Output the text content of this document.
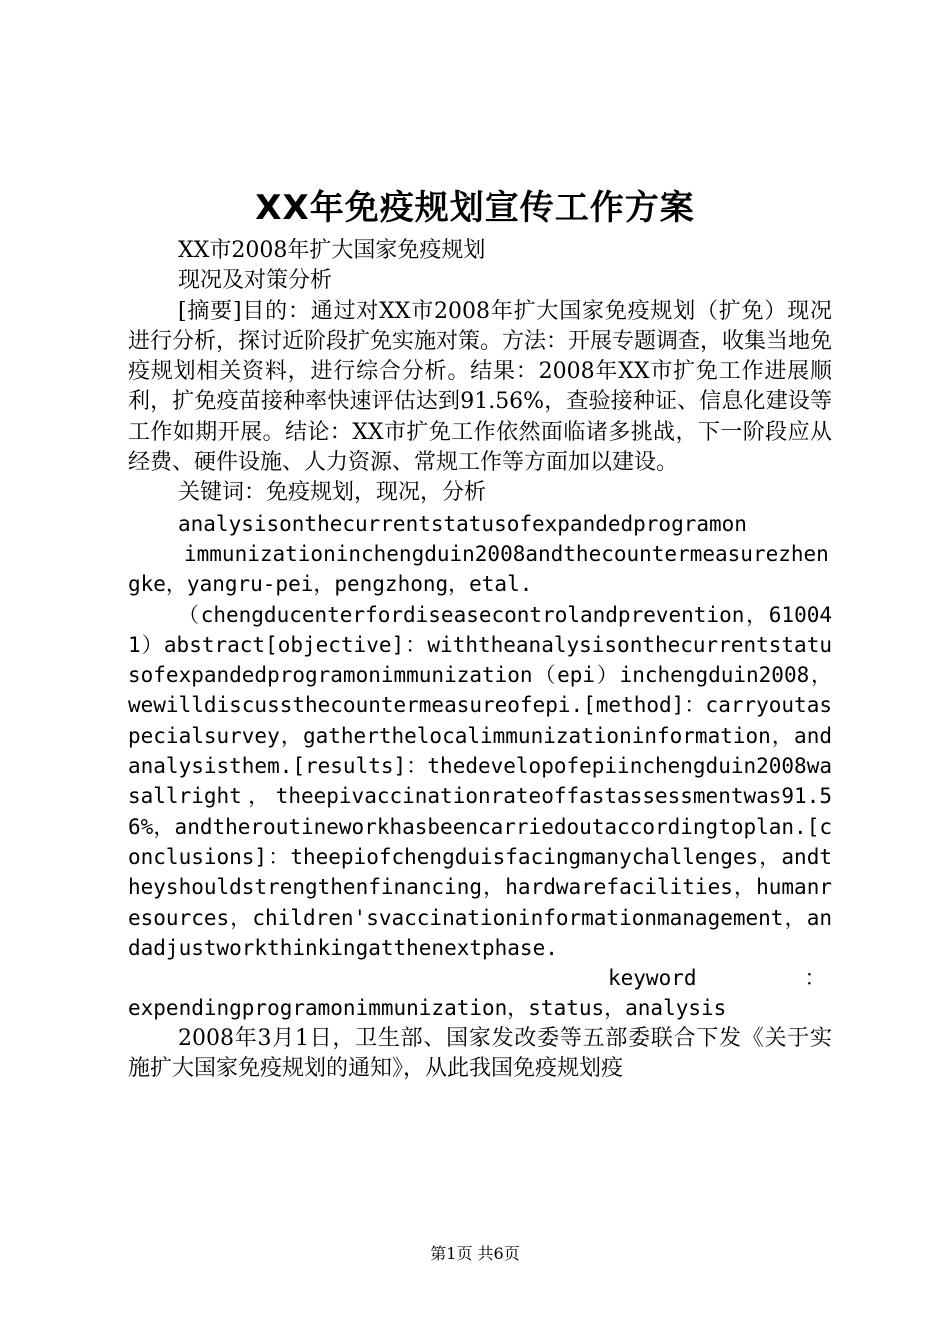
XX年免疫规划宣传工作方案

XX市2008年扩大国家免疫规划

现况及对策分析

[摘要]目的：通过对XX市2008年扩大国家免疫规划（扩免）现况进行分析，探讨近阶段扩免实施对策。方法：开展专题调查，收集当地免疫规划相关资料，进行综合分析。结果：2008年XX市扩免工作进展顺利，扩免疫苗接种率快速评估达到91.56%，查验接种证、信息化建设等工作如期开展。结论：XX市扩免工作依然面临诸多挑战，下一阶段应从经费、硬件设施、人力资源、常规工作等方面加以建设。

关键词：免疫规划，现况，分析

analysisonthecurrentstatusofexpandedprogramon

immunizationinchengduin2008andthecountermeasurezhengke，yangru-pei，pengzhong，etal.

（chengducenterfordiseasecontrolandprevention，610041）abstract[objective]：withtheanalysisonthecurrentstatusofexpandedprogramonimmunization（epi）inchengduin2008，wewilldiscussthecountermeasureofepi.[method]：carryoutaspecialsurvey，gatherthelocalimmunizationinformation，andanalysisthem.[results]：thedevelopofepiinchengduin2008wasallright，theepivaccinationrateoffastassessmentwas91.56%，andtheroutineworkhasbeencarriedoutaccordingtoplan.[conclusions]：theepiofchengduisfacingmanychallenges，andtheyshouldstrengthenfinancing，hardwarefacilities，humanresources，children'svaccinationinformationmanagement，andadjustworkthinkingatthenextphase.

keyword	：
expendingprogramonimmunization，status，analysis

2008年3月1日，卫生部、国家发改委等五部委联合下发《关于实施扩大国家免疫规划的通知》，从此我国免疫规划疫

第1页 共6页
